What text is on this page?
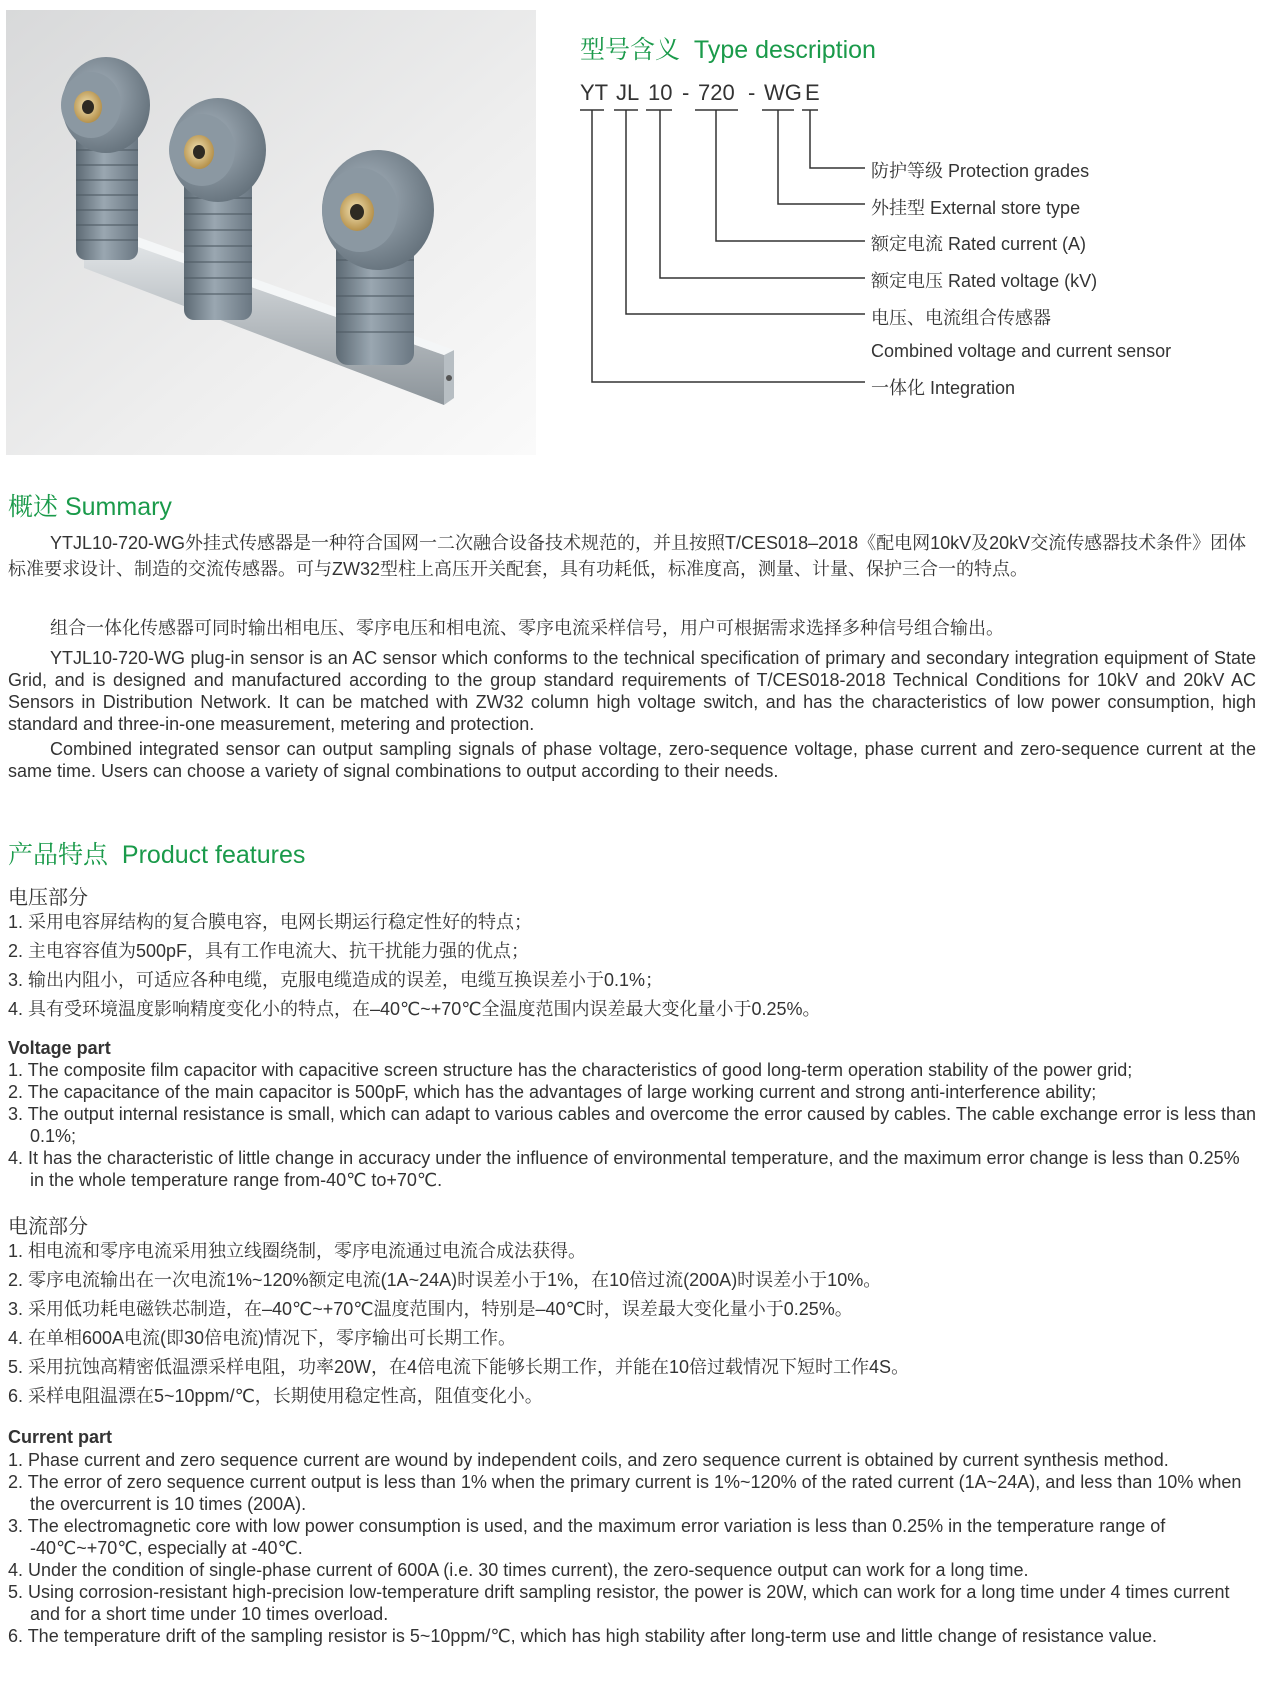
型号含义 Type description
YT JL 10 - 720 - WG E
防护等级 Protection grades
外挂型 External store type
额定电流 Rated current (A)
额定电压 Rated voltage (kV)
电压、电流组合传感器
Combined voltage and current sensor
一体化 Integration
概述 Summary

YTJL10-720-WG外挂式传感器是一种符合国网一二次融合设备技术规范的，并且按照T/CES018–2018《配电网10kV及20kV交流传感器技术条件》团体标准要求设计、制造的交流传感器。可与ZW32型柱上高压开关配套，具有功耗低，标准度高，测量、计量、保护三合一的特点。

组合一体化传感器可同时输出相电压、零序电压和相电流、零序电流采样信号，用户可根据需求选择多种信号组合输出。

YTJL10-720-WG plug-in sensor is an AC sensor which conforms to the technical specification of primary and secondary integration equipment of State Grid, and is designed and manufactured according to the group standard requirements of T/CES018-2018 Technical Conditions for 10kV and 20kV AC Sensors in Distribution Network. It can be matched with ZW32 column high voltage switch, and has the characteristics of low power consumption, high standard and three-in-one measurement, metering and protection.

Combined integrated sensor can output sampling signals of phase voltage, zero-sequence voltage, phase current and zero-sequence current at the same time. Users can choose a variety of signal combinations to output according to their needs.

产品特点 Product features
电压部分
1. 采用电容屏结构的复合膜电容，电网长期运行稳定性好的特点；
2. 主电容容值为500pF，具有工作电流大、抗干扰能力强的优点；
3. 输出内阻小，可适应各种电缆，克服电缆造成的误差，电缆互换误差小于0.1%；
4. 具有受环境温度影响精度变化小的特点，在–40℃~+70℃全温度范围内误差最大变化量小于0.25%。
Voltage part
1. The composite film capacitor with capacitive screen structure has the characteristics of good long-term operation stability of the power grid;
2. The capacitance of the main capacitor is 500pF, which has the advantages of large working current and strong anti-interference ability;
3. The output internal resistance is small, which can adapt to various cables and overcome the error caused by cables. The cable exchange error is less than 0.1%;
4. It has the characteristic of little change in accuracy under the influence of environmental temperature, and the maximum error change is less than 0.25% in the whole temperature range from-40℃ to+70℃.
电流部分
1. 相电流和零序电流采用独立线圈绕制，零序电流通过电流合成法获得。
2. 零序电流输出在一次电流1%~120%额定电流(1A~24A)时误差小于1%，在10倍过流(200A)时误差小于10%。
3. 采用低功耗电磁铁芯制造，在–40℃~+70℃温度范围内，特别是–40℃时，误差最大变化量小于0.25%。
4. 在单相600A电流(即30倍电流)情况下，零序输出可长期工作。
5. 采用抗蚀高精密低温漂采样电阻，功率20W，在4倍电流下能够长期工作，并能在10倍过载情况下短时工作4S。
6. 采样电阻温漂在5~10ppm/℃，长期使用稳定性高，阻值变化小。
Current part
1. Phase current and zero sequence current are wound by independent coils, and zero sequence current is obtained by current synthesis method.
2. The error of zero sequence current output is less than 1% when the primary current is 1%~120% of the rated current (1A~24A), and less than 10% when the overcurrent is 10 times (200A).
3. The electromagnetic core with low power consumption is used, and the maximum error variation is less than 0.25% in the temperature range of -40℃~+70℃, especially at -40℃.
4. Under the condition of single-phase current of 600A (i.e. 30 times current), the zero-sequence output can work for a long time.
5. Using corrosion-resistant high-precision low-temperature drift sampling resistor, the power is 20W, which can work for a long time under 4 times current and for a short time under 10 times overload.
6. The temperature drift of the sampling resistor is 5~10ppm/℃, which has high stability after long-term use and little change of resistance value.
